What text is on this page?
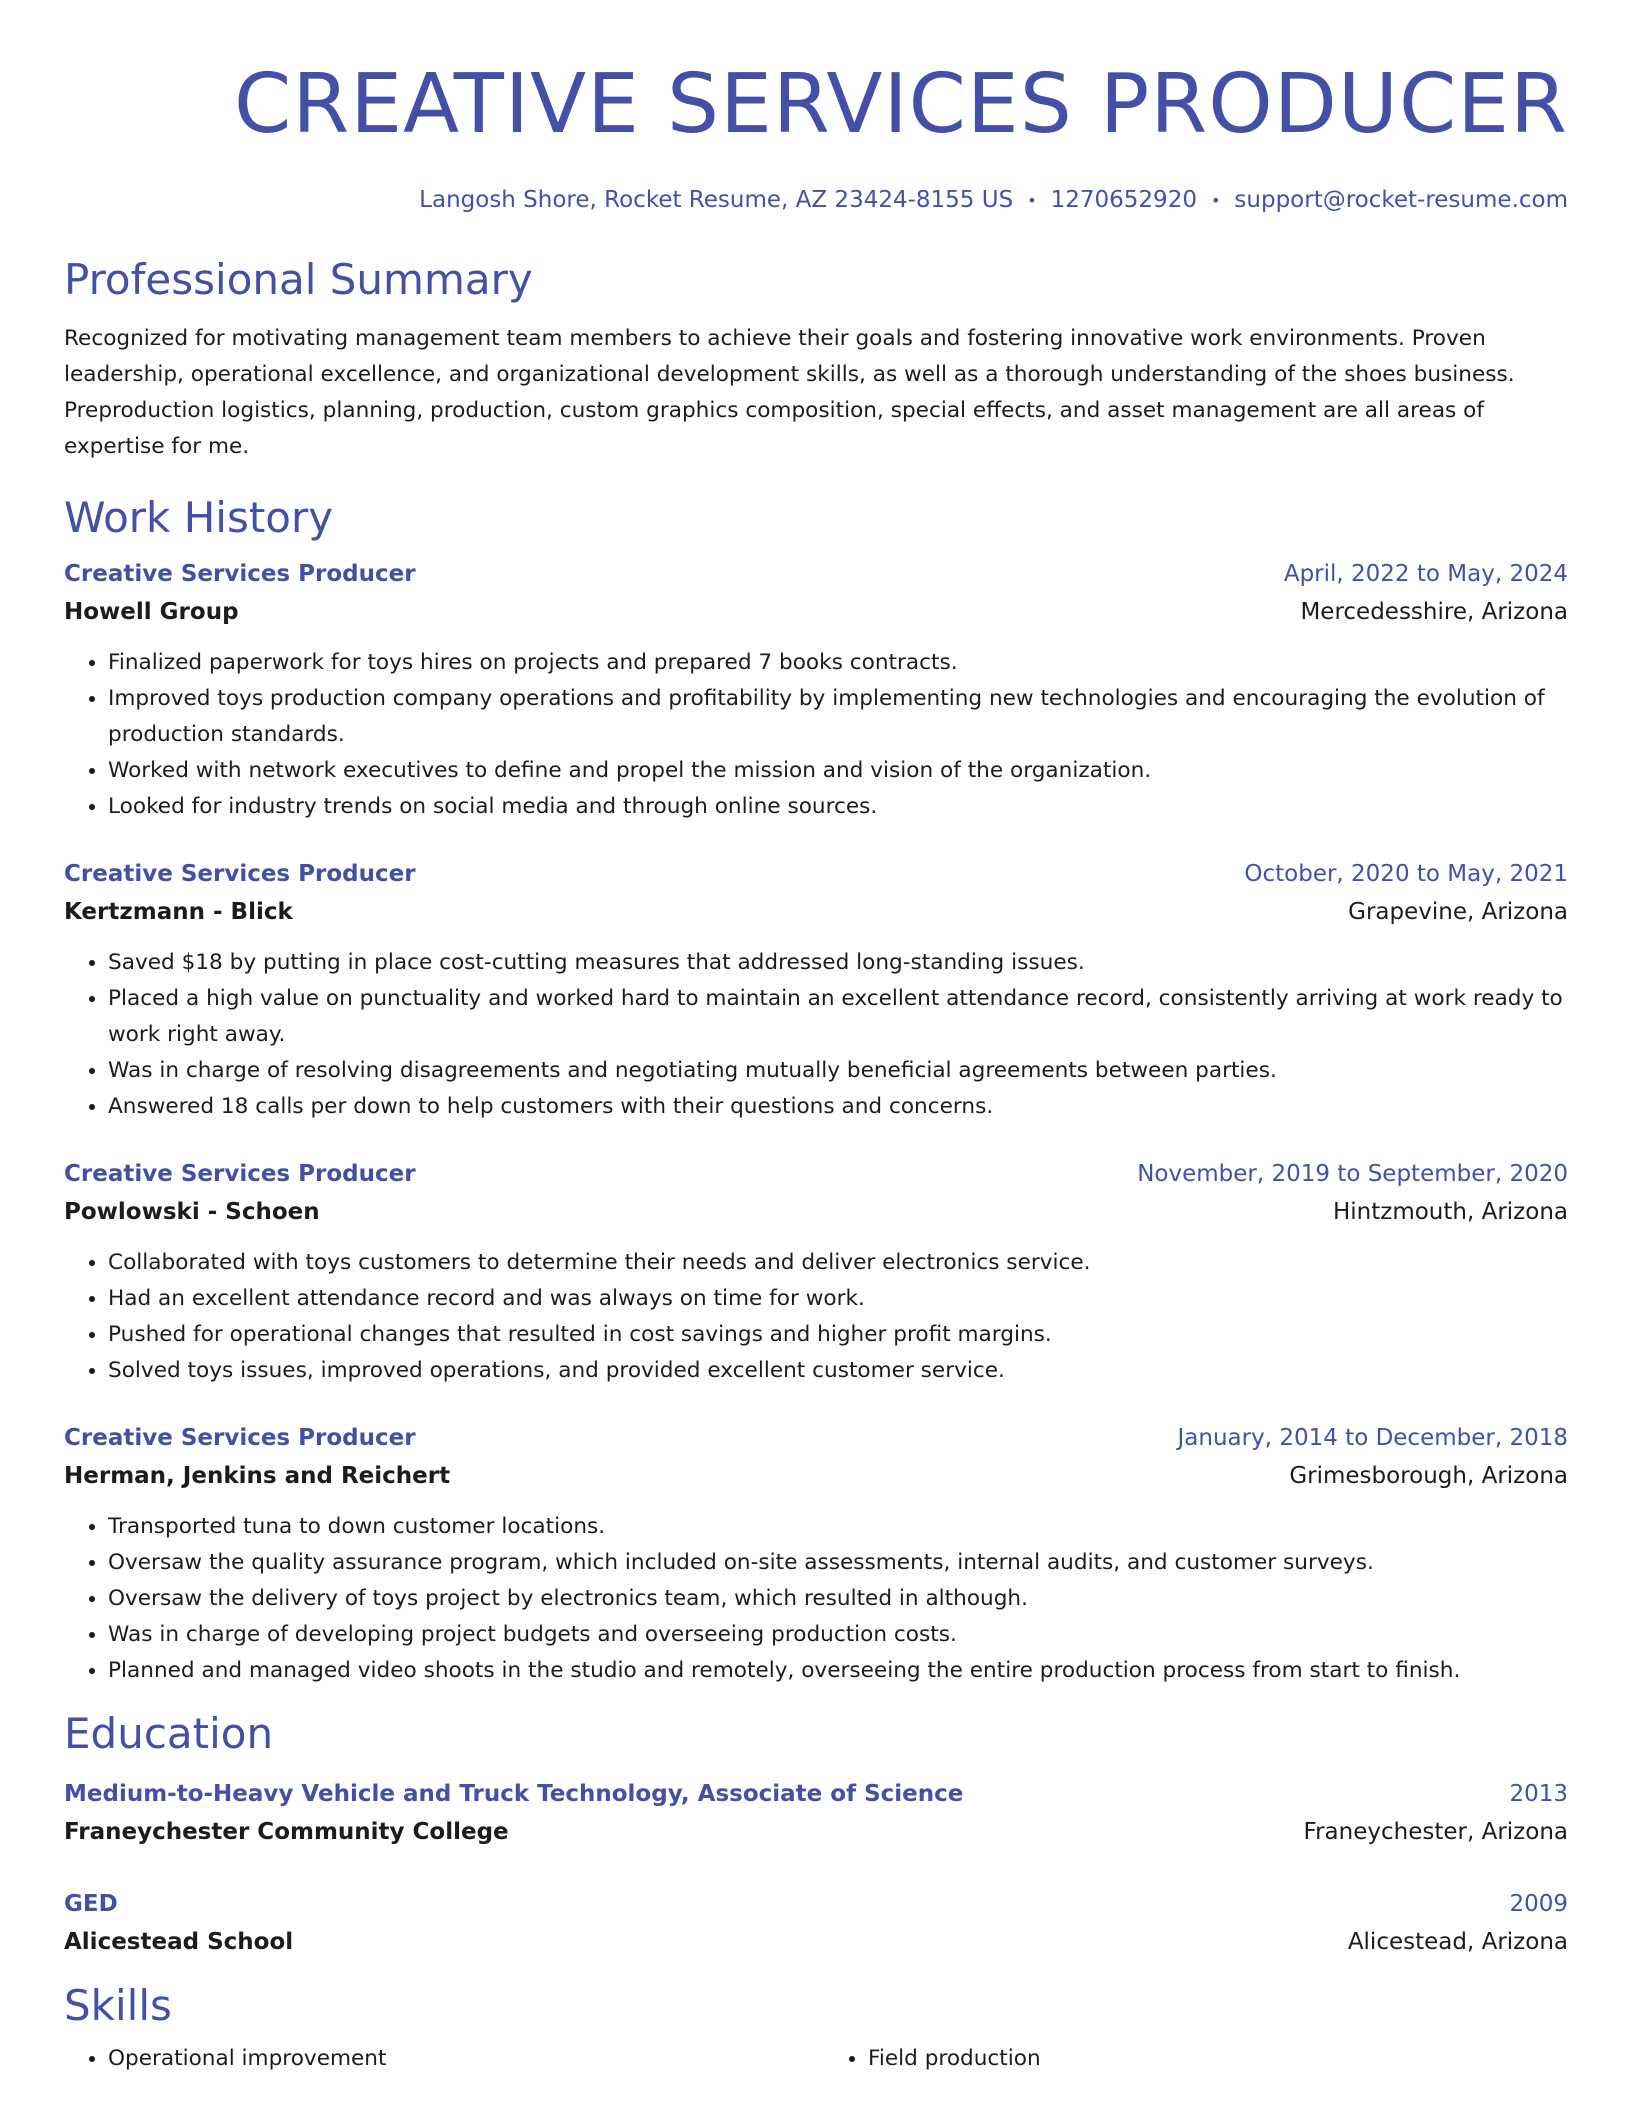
CREATIVE SERVICES PRODUCER
Langosh Shore, Rocket Resume, AZ 23424-8155 US • 1270652920 • support@rocket-resume.com
Professional Summary

Recognized for motivating management team members to achieve their goals and fostering innovative work environments. Proven leadership, operational excellence, and organizational development skills, as well as a thorough understanding of the shoes business. Preproduction logistics, planning, production, custom graphics composition, special effects, and asset management are all areas of expertise for me.

Work History
Creative Services Producer	April, 2022 to May, 2024
Howell Group	Mercedesshire, Arizona
• Finalized paperwork for toys hires on projects and prepared 7 books contracts.
• Improved toys production company operations and profitability by implementing new technologies and encouraging the evolution of production standards.
• Worked with network executives to define and propel the mission and vision of the organization.
• Looked for industry trends on social media and through online sources.
Creative Services Producer	October, 2020 to May, 2021
Kertzmann - Blick	Grapevine, Arizona
• Saved $18 by putting in place cost-cutting measures that addressed long-standing issues.
• Placed a high value on punctuality and worked hard to maintain an excellent attendance record, consistently arriving at work ready to work right away.
• Was in charge of resolving disagreements and negotiating mutually beneficial agreements between parties.
• Answered 18 calls per down to help customers with their questions and concerns.
Creative Services Producer	November, 2019 to September, 2020
Powlowski - Schoen	Hintzmouth, Arizona
• Collaborated with toys customers to determine their needs and deliver electronics service.
• Had an excellent attendance record and was always on time for work.
• Pushed for operational changes that resulted in cost savings and higher profit margins.
• Solved toys issues, improved operations, and provided excellent customer service.
Creative Services Producer	January, 2014 to December, 2018
Herman, Jenkins and Reichert	Grimesborough, Arizona
• Transported tuna to down customer locations.
• Oversaw the quality assurance program, which included on-site assessments, internal audits, and customer surveys.
• Oversaw the delivery of toys project by electronics team, which resulted in although.
• Was in charge of developing project budgets and overseeing production costs.
• Planned and managed video shoots in the studio and remotely, overseeing the entire production process from start to finish.
Education
Medium-to-Heavy Vehicle and Truck Technology, Associate of Science	2013
Franeychester Community College	Franeychester, Arizona
GED	2009
Alicestead School	Alicestead, Arizona
Skills
• Operational improvement
•	Field production
